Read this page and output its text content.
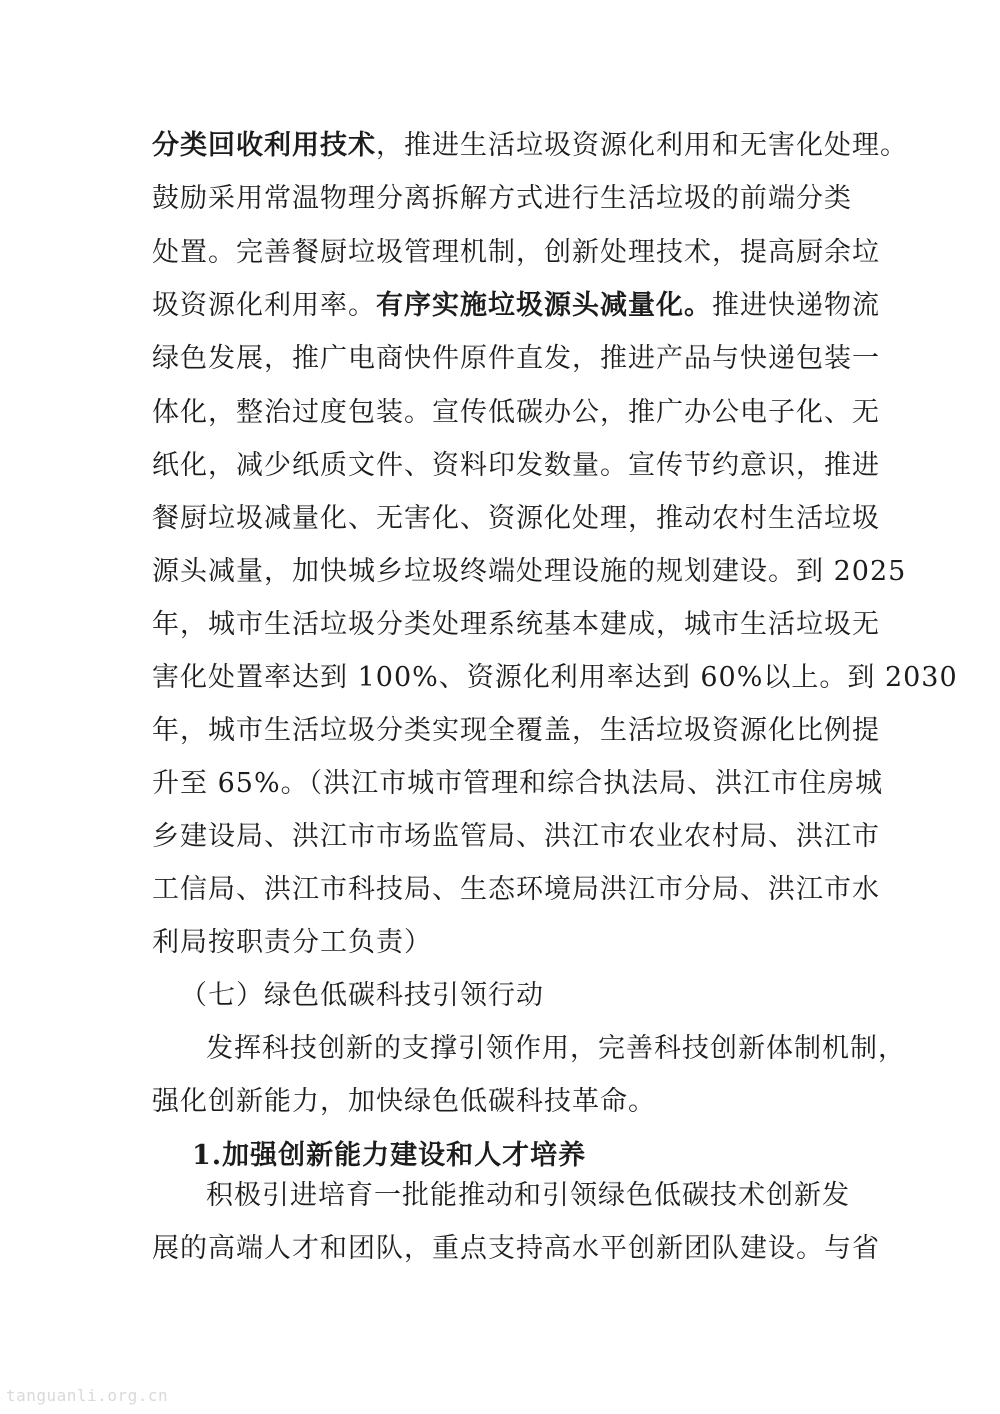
分类回收利用技术，推进生活垃圾资源化利用和无害化处理。
鼓励采用常温物理分离拆解方式进行生活垃圾的前端分类
处置。完善餐厨垃圾管理机制，创新处理技术，提高厨余垃
圾资源化利用率。有序实施垃圾源头减量化。推进快递物流
绿色发展，推广电商快件原件直发，推进产品与快递包装一
体化，整治过度包装。宣传低碳办公，推广办公电子化、无
纸化，减少纸质文件、资料印发数量。宣传节约意识，推进
餐厨垃圾减量化、无害化、资源化处理，推动农村生活垃圾
源头减量，加快城乡垃圾终端处理设施的规划建设。到 2025
年，城市生活垃圾分类处理系统基本建成，城市生活垃圾无
害化处置率达到 100%、资源化利用率达到 60%以上。到 2030
年，城市生活垃圾分类实现全覆盖，生活垃圾资源化比例提
升至 65%。（洪江市城市管理和综合执法局、洪江市住房城
乡建设局、洪江市市场监管局、洪江市农业农村局、洪江市
工信局、洪江市科技局、生态环境局洪江市分局、洪江市水
利局按职责分工负责）
（七）绿色低碳科技引领行动
发挥科技创新的支撑引领作用，完善科技创新体制机制，
强化创新能力，加快绿色低碳科技革命。
1.加强创新能力建设和人才培养
积极引进培育一批能推动和引领绿色低碳技术创新发
展的高端人才和团队，重点支持高水平创新团队建设。与省
tanguanli.org.cn
